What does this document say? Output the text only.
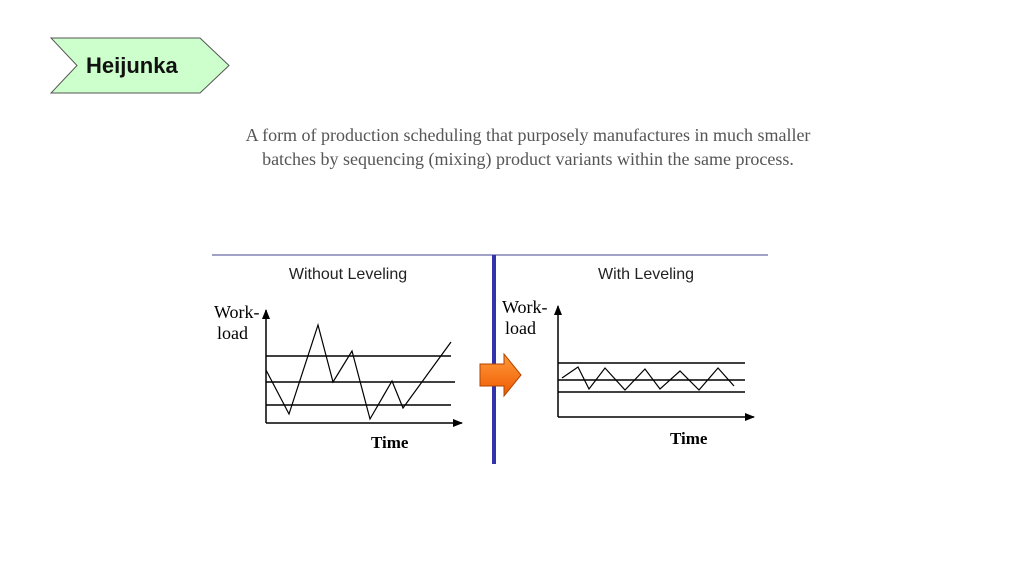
Heijunka
A form of production scheduling that purposely manufactures in much smaller
batches by sequencing (mixing) product variants within the same process.
Without Leveling
Work-
load
Time
With Leveling
Work-
load
Time
